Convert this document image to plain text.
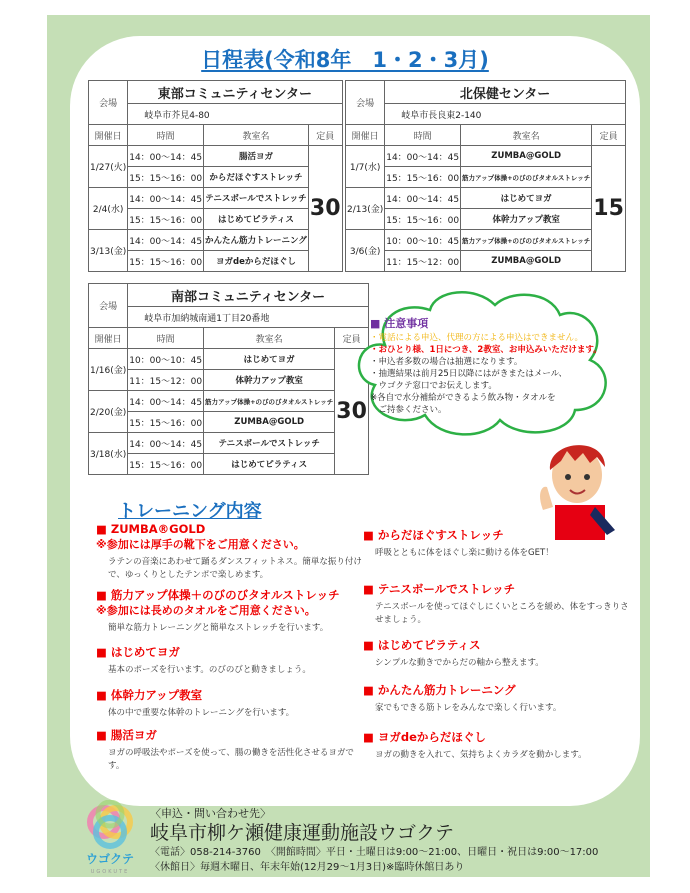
日程表(令和8年　1・2・3月)
会場	東部コミュニティセンター		
	岐阜市芥見4-80		
開催日	時間	教室名	定員
1/27(火)	14：00〜14：45	腸活ヨガ	30
	15：15〜16：00	からだほぐすストレッチ	
2/4(水)	14：00〜14：45	テニスボールでストレッチ	
	15：15〜16：00	はじめてピラティス	
3/13(金)	14：00〜14：45	かんたん筋力トレーニング	
	15：15〜16：00	ヨガdeからだほぐし	
会場	北保健センター		
	岐阜市長良東2-140		
開催日	時間	教室名	定員
1/7(水)	14：00〜14：45	ZUMBA@GOLD	15
	15：15〜16：00	筋力アップ体操+のびのびタオルストレッチ	
2/13(金)	14：00〜14：45	はじめてヨガ	
	15：15〜16：00	体幹力アップ教室	
3/6(金)	10：00〜10：45	筋力アップ体操+のびのびタオルストレッチ	
	11：15〜12：00	ZUMBA@GOLD	
会場	南部コミュニティセンター		
	岐阜市加納城南通1丁目20番地		
開催日	時間	教室名	定員
1/16(金)	10：00〜10：45	はじめてヨガ	30
	11：15〜12：00	体幹力アップ教室	
2/20(金)	14：00〜14：45	筋力アップ体操+のびのびタオルストレッチ	
	15：15〜16：00	ZUMBA@GOLD	
3/18(水)	14：00〜14：45	テニスボールでストレッチ	
	15：15〜16：00	はじめてピラティス	
■ 注意事項
・電話による申込、代理の方による申込はできません。
・おひとり様、1日につき、2教室、お申込みいただけます。
・申込者多数の場合は抽選になります。
・抽選結果は前月25日以降にはがきまたはメール、
　ウゴクテ窓口でお伝えします。
※各自で水分補給ができるよう飲み物・タオルを
　ご持参ください。
トレーニング内容
■ ZUMBA®GOLD
※参加には厚手の靴下をご用意ください。
ラテンの音楽にあわせて踊るダンスフィットネス。簡単な振り付けで、ゆっくりとしたテンポで楽しめます。
■ 筋力アップ体操＋のびのびタオルストレッチ
※参加には長めのタオルをご用意ください。
簡単な筋力トレーニングと簡単なストレッチを行います。
■ はじめてヨガ
基本のポーズを行います。のびのびと動きましょう。
■ 体幹力アップ教室
体の中で重要な体幹のトレーニングを行います。
■ 腸活ヨガ
ヨガの呼吸法やポーズを使って、腸の働きを活性化させるヨガです。
■ からだほぐすストレッチ
呼吸とともに体をほぐし楽に動ける体をGET！
■ テニスボールでストレッチ
テニスボールを使ってほぐしにくいところを緩め、体をすっきりさせましょう。
■ はじめてピラティス
シンプルな動きでからだの軸から整えます。
■ かんたん筋力トレーニング
家でもできる筋トレをみんなで楽しく行います。
■ ヨガdeからだほぐし
ヨガの動きを入れて、気持ちよくカラダを動かします。
ウゴクテ
UGOKUTE
〈申込・問い合わせ先〉
岐阜市柳ケ瀬健康運動施設ウゴクテ
〈電話〉058-214-3760　〈開館時間〉平日・土曜日は9:00〜21:00、日曜日・祝日は9:00〜17:00
〈休館日〉毎週木曜日、年末年始(12月29〜1月3日)※臨時休館日あり
